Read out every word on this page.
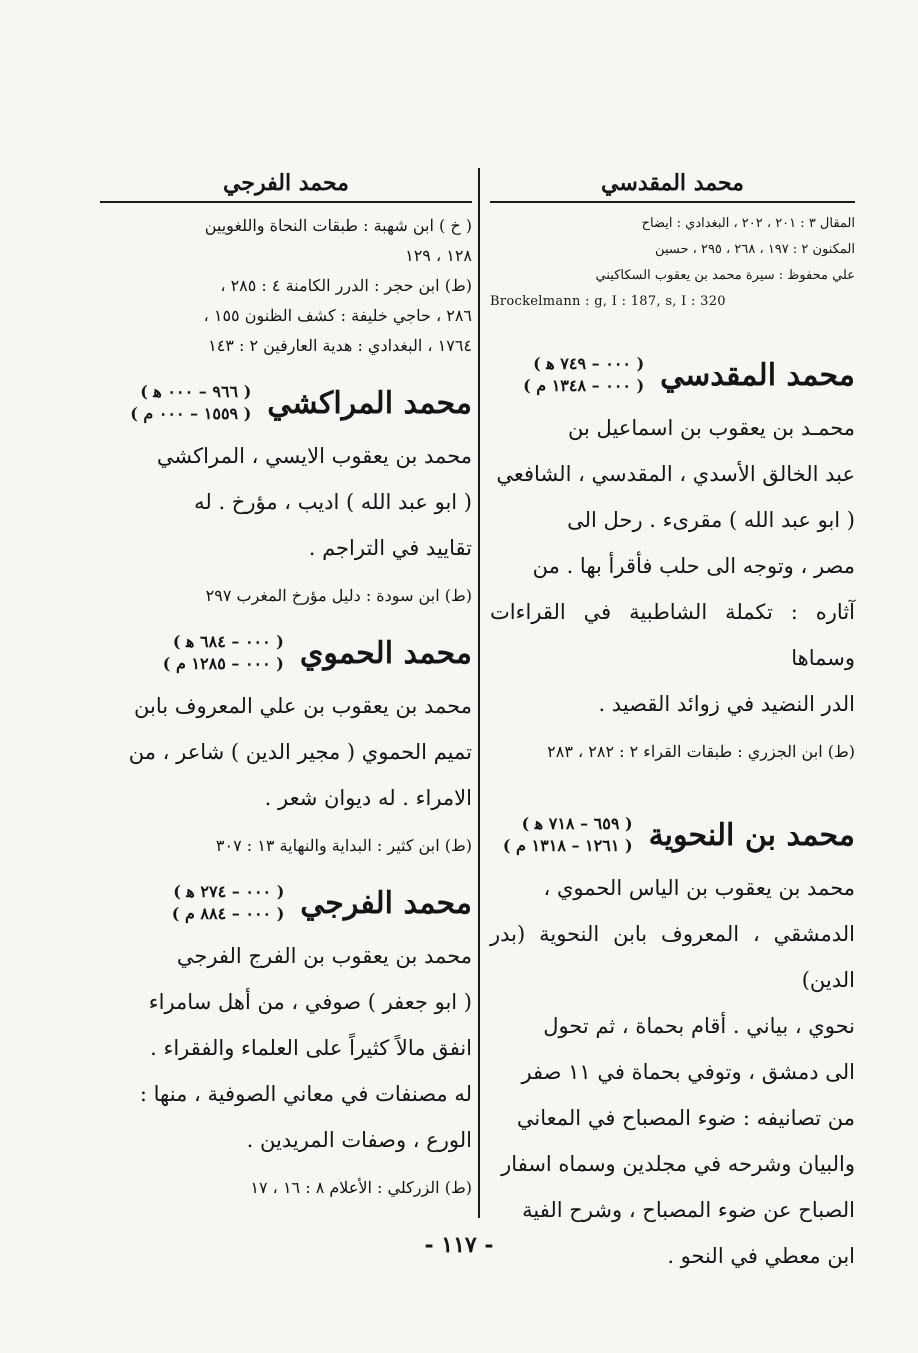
محمد المقدسي

المقال ٣ : ٢٠١ ، ٢٠٢ ، البغدادي : ايضاح

المكنون ٢ : ١٩٧ ، ٢٦٨ ، ٢٩٥ ، حسين

علي محفوظ : سيرة محمد بن يعقوب السكاكيني

Brockelmann : g, I : 187, s, I : 320

محمد المقدسي
( ٠٠٠ – ٧٤٩ ﻫ )
( ٠٠٠ – ١٣٤٨ م )

محمـد بن يعقوب بن اسماعيل بن

عبد الخالق الأسدي ، المقدسي ، الشافعي

( ابو عبد الله ) مقرىء . رحل الى

مصر ، وتوجه الى حلب فأقرأ بها . من

آثاره : تكملة الشاطبية في القراءات وسماها

الدر النضيد في زوائد القصيد .

(ط) ابن الجزري : طبقات القراء ٢ : ٢٨٢ ، ٢٨٣

محمد بن النحوية
( ٦٥٩ – ٧١٨ ﻫ )
( ١٢٦١ – ١٣١٨ م )

محمد بن يعقوب بن الياس الحموي ،

الدمشقي ، المعروف بابن النحوية (بدر الدين)

نحوي ، بياني . أقام بحماة ، ثم تحول

الى دمشق ، وتوفي بحماة في ١١ صفر

من تصانيفه : ضوء المصباح في المعاني

والبيان وشرحه في مجلدين وسماه اسفار

الصباح عن ضوء المصباح ، وشرح الفية

ابن معطي في النحو .

محمد الفرجي

( خ ) ابن شهبة : طبقات النحاة واللغويين

١٢٨ ، ١٢٩

(ط) ابن حجر : الدرر الكامنة ٤ : ٢٨٥ ،

٢٨٦ ، حاجي خليفة : كشف الظنون ١٥٥ ،

١٧٦٤ ، البغدادي : هدية العارفين ٢ : ١٤٣

محمد المراكشي
( ٩٦٦ – ٠٠٠ ﻫ )
( ١٥٥٩ – ٠٠٠ م )

محمد بن يعقوب الايسي ، المراكشي

( ابو عبد الله ) اديب ، مؤرخ . له

تقاييد في التراجم .

(ط) ابن سودة : دليل مؤرخ المغرب ٢٩٧

محمد الحموي
( ٠٠٠ – ٦٨٤ ﻫ )
( ٠٠٠ – ١٢٨٥ م )

محمد بن يعقوب بن علي المعروف بابن

تميم الحموي ( مجير الدين ) شاعر ، من

الامراء . له ديوان شعر .

(ط) ابن كثير : البداية والنهاية ١٣ : ٣٠٧

محمد الفرجي
( ٠٠٠ – ٢٧٤ ﻫ )
( ٠٠٠ – ٨٨٤ م )

محمد بن يعقوب بن الفرج الفرجي

( ابو جعفر ) صوفي ، من أهل سامراء

انفق مالاً كثيراً على العلماء والفقراء .

له مصنفات في معاني الصوفية ، منها :

الورع ، وصفات المريدين .

(ط) الزركلي : الأعلام ٨ : ١٦ ، ١٧

- ١١٧ -
